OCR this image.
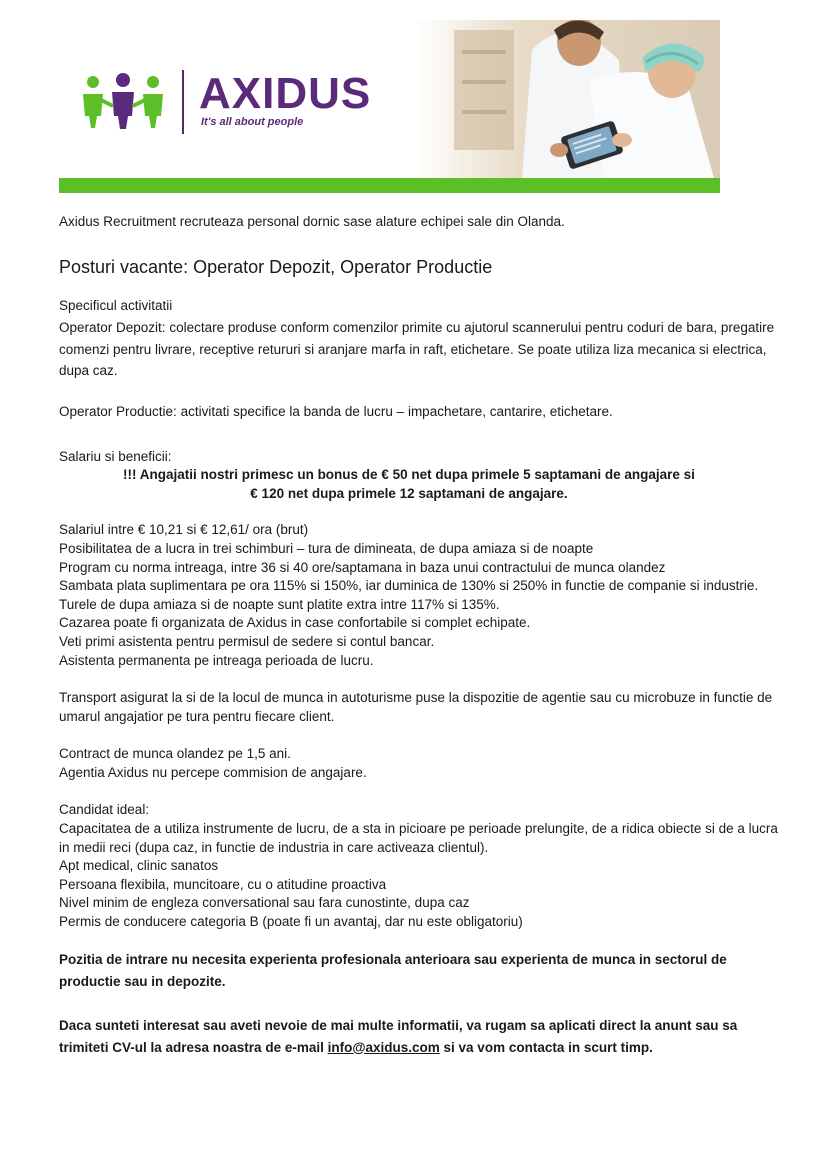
AXIDUS
It's all about people
Axidus Recruitment recruteaza personal dornic sase alature echipei sale din Olanda.
Posturi vacante: Operator Depozit, Operator Productie
Specificul activitatii
Operator Depozit: colectare produse conform comenzilor primite cu ajutorul scannerului pentru coduri de bara, pregatire comenzi pentru livrare, receptive retururi si aranjare marfa in raft, etichetare. Se poate utiliza liza mecanica si electrica, dupa caz.
Operator Productie: activitati specifice la banda de lucru – impachetare, cantarire, etichetare.
Salariu si beneficii:
!!! Angajatii nostri primesc un bonus de € 50 net dupa primele 5 saptamani de angajare si
€ 120 net dupa primele 12 saptamani de angajare.
Salariul intre € 10,21 si € 12,61/ ora (brut)
Posibilitatea de a lucra in trei schimburi – tura de dimineata, de dupa amiaza si de noapte
Program cu norma intreaga, intre 36 si 40 ore/saptamana in baza unui contractului de munca olandez
Sambata plata suplimentara pe ora 115% si 150%, iar duminica de 130% si 250% in functie de companie si industrie.
Turele de dupa amiaza si de noapte sunt platite extra intre 117% si 135%.
Cazarea poate fi organizata de Axidus in case confortabile si complet echipate.
Veti primi asistenta pentru permisul de sedere si contul bancar.
Asistenta permanenta pe intreaga perioada de lucru.
Transport asigurat la si de la locul de munca in autoturisme puse la dispozitie de agentie sau cu microbuze in functie de umarul angajatior pe tura pentru fiecare client.
Contract de munca olandez pe 1,5 ani.
Agentia Axidus nu percepe commision de angajare.
Candidat ideal:
Capacitatea de a utiliza instrumente de lucru, de a sta in picioare pe perioade prelungite, de a ridica obiecte si de a lucra in medii reci (dupa caz, in functie de industria in care activeaza clientul).
Apt medical, clinic sanatos
Persoana flexibila, muncitoare, cu o atitudine proactiva
Nivel minim de engleza conversational sau fara cunostinte, dupa caz
Permis de conducere categoria B (poate fi un avantaj, dar nu este obligatoriu)
Pozitia de intrare nu necesita experienta profesionala anterioara sau experienta de munca in sectorul de productie sau in depozite.
Daca sunteti interesat sau aveti nevoie de mai multe informatii, va rugam sa aplicati direct la anunt sau sa trimiteti CV-ul la adresa noastra de e-mail info@axidus.com si va vom contacta in scurt timp.
